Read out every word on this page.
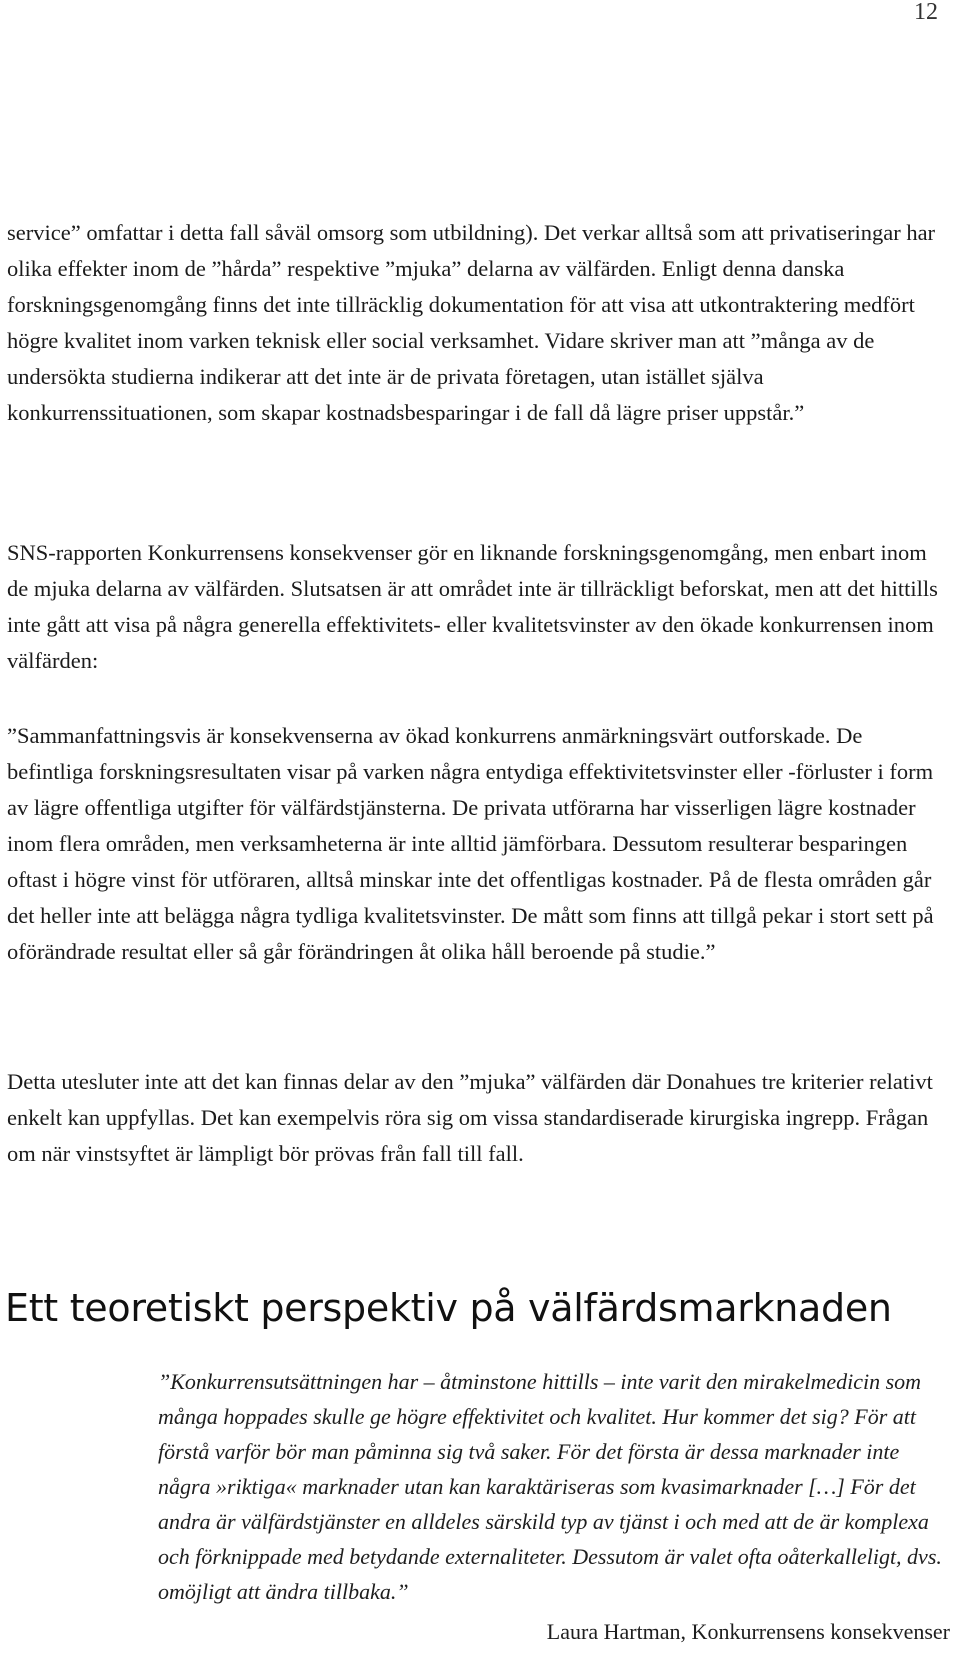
12

service” omfattar i detta fall såväl omsorg som utbildning). Det verkar alltså som att privatiseringar har olika effekter inom de ”hårda” respektive ”mjuka” delarna av välfärden. Enligt denna danska forskningsgenomgång finns det inte tillräcklig dokumentation för att visa att utkontraktering medfört högre kvalitet inom varken teknisk eller social verksamhet. Vidare skriver man att ”många av de undersökta studierna indikerar att det inte är de privata företagen, utan istället själva konkurrenssituationen, som skapar kostnadsbesparingar i de fall då lägre priser uppstår.”

SNS-rapporten Konkurrensens konsekvenser gör en liknande forskningsgenomgång, men enbart inom de mjuka delarna av välfärden. Slutsatsen är att området inte är tillräckligt beforskat, men att det hittills inte gått att visa på några generella effektivitets- eller kvalitetsvinster av den ökade konkurrensen inom välfärden:

”Sammanfattningsvis är konsekvenserna av ökad konkurrens anmärkningsvärt outforskade. De befintliga forskningsresultaten visar på varken några entydiga effektivitetsvinster eller -förluster i form av lägre offentliga utgifter för välfärdstjänsterna. De privata utförarna har visserligen lägre kostnader inom flera områden, men verksamheterna är inte alltid jämförbara. Dessutom resulterar besparingen oftast i högre vinst för utföraren, alltså minskar inte det offentligas kostnader. På de flesta områden går det heller inte att belägga några tydliga kvalitetsvinster. De mått som finns att tillgå pekar i stort sett på oförändrade resultat eller så går förändringen åt olika håll beroende på studie.”

Detta utesluter inte att det kan finnas delar av den ”mjuka” välfärden där Donahues tre kriterier relativt enkelt kan uppfyllas. Det kan exempelvis röra sig om vissa standardiserade kirurgiska ingrepp. Frågan om när vinstsyftet är lämpligt bör prövas från fall till fall.

Ett teoretiskt perspektiv på välfärdsmarknaden

”Konkurrensutsättningen har – åtminstone hittills – inte varit den mirakelmedicin som många hoppades skulle ge högre effektivitet och kvalitet. Hur kommer det sig? För att förstå varför bör man påminna sig två saker. För det första är dessa marknader inte några »riktiga« marknader utan kan karaktäriseras som kvasimarknader […] För det andra är välfärdstjänster en alldeles särskild typ av tjänst i och med att de är komplexa och förknippade med betydande externaliteter. Dessutom är valet ofta oåterkalleligt, dvs. omöjligt att ändra tillbaka.”

Laura Hartman, Konkurrensens konsekvenser
